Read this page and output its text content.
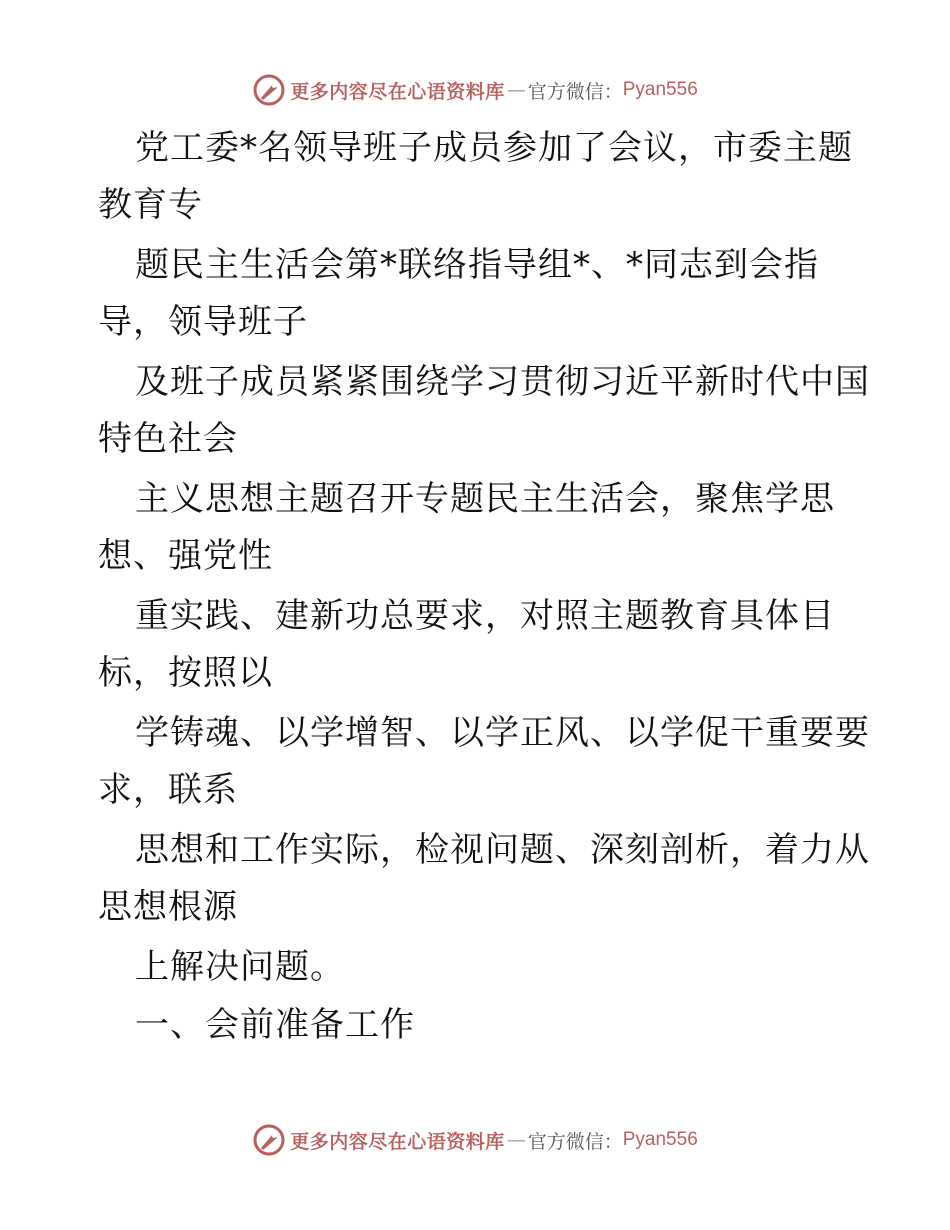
更多内容尽在心语资料库 — 官方微信： Pyan556
党工委*名领导班子成员参加了会议，市委主题
教育专
题民主生活会第*联络指导组*、*同志到会指
导，领导班子
及班子成员紧紧围绕学习贯彻习近平新时代中国
特色社会
主义思想主题召开专题民主生活会，聚焦学思
想、强党性
重实践、建新功总要求，对照主题教育具体目
标，按照以
学铸魂、以学增智、以学正风、以学促干重要要
求，联系
思想和工作实际，检视问题、深刻剖析，着力从
思想根源
上解决问题。
一、会前准备工作
更多内容尽在心语资料库 — 官方微信： Pyan556
